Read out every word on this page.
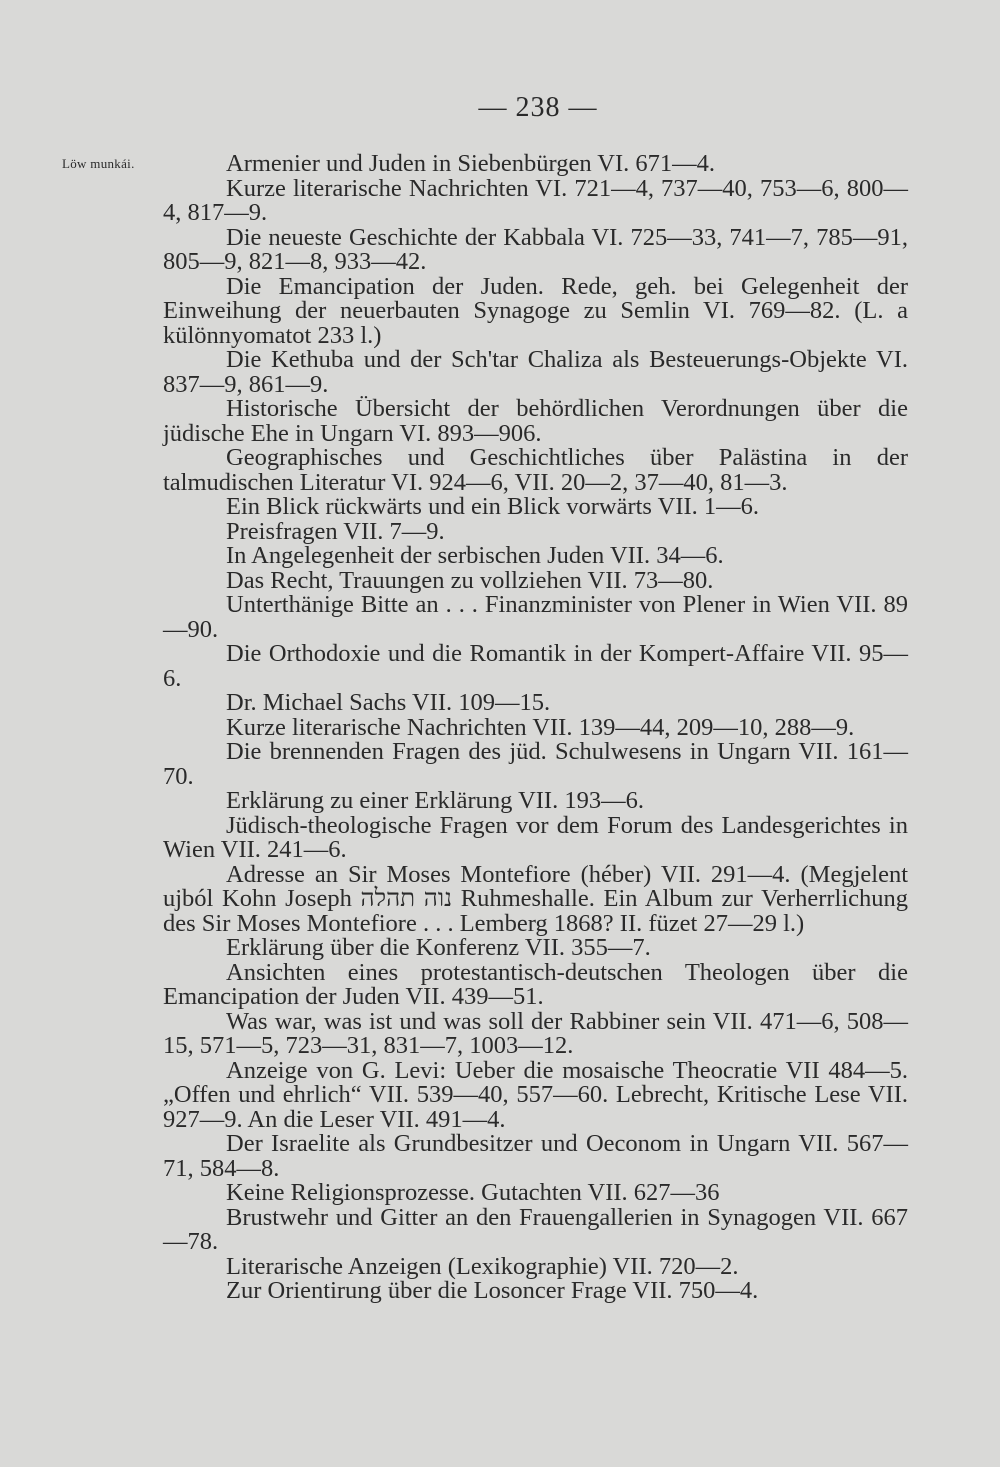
— 238 —
Löw munkái.	Armenier und Juden in Siebenbürgen VI. 671—4.

Kurze literarische Nachrichten VI. 721—4, 737—40, 753—6, 800—4, 817—9.

Die neueste Geschichte der Kabbala VI. 725—33, 741—7, 785—91, 805—9, 821—8, 933—42.

Die Emancipation der Juden. Rede, geh. bei Gelegenheit der Einweihung der neuerbauten Synagoge zu Semlin VI. 769—82. (L. a különnyomatot 233 l.)

Die Kethuba und der Sch'tar Chaliza als Besteuerungs-Objekte VI. 837—9, 861—9.

Historische Übersicht der behördlichen Verordnungen über die jüdische Ehe in Ungarn VI. 893—906.

Geographisches und Geschichtliches über Palästina in der talmudischen Literatur VI. 924—6, VII. 20—2, 37—40, 81—3.

Ein Blick rückwärts und ein Blick vorwärts VII. 1—6.

Preisfragen VII. 7—9.

In Angelegenheit der serbischen Juden VII. 34—6.

Das Recht, Trauungen zu vollziehen VII. 73—80.

Unterthänige Bitte an . . . Finanzminister von Plener in Wien VII. 89—90.

Die Orthodoxie und die Romantik in der Kompert-Affaire VII. 95—6.

Dr. Michael Sachs VII. 109—15.

Kurze literarische Nachrichten VII. 139—44, 209—10, 288—9.

Die brennenden Fragen des jüd. Schulwesens in Ungarn VII. 161—70.

Erklärung zu einer Erklärung VII. 193—6.

Jüdisch-theologische Fragen vor dem Forum des Landesgerichtes in Wien VII. 241—6.

Adresse an Sir Moses Montefiore (héber) VII. 291—4. (Megjelent ujból Kohn Joseph נוה תהלה Ruhmeshalle. Ein Album zur Verherrlichung des Sir Moses Montefiore . . . Lemberg 1868? II. füzet 27—29 l.)

Erklärung über die Konferenz VII. 355—7.

Ansichten eines protestantisch-deutschen Theologen über die Emancipation der Juden VII. 439—51.

Was war, was ist und was soll der Rabbiner sein VII. 471—6, 508—15, 571—5, 723—31, 831—7, 1003—12.

Anzeige von G. Levi: Ueber die mosaische Theocratie VII 484—5. „Offen und ehrlich“ VII. 539—40, 557—60. Lebrecht, Kritische Lese VII. 927—9. An die Leser VII. 491—4.

Der Israelite als Grundbesitzer und Oeconom in Ungarn VII. 567—71, 584—8.

Keine Religionsprozesse. Gutachten VII. 627—36

Brustwehr und Gitter an den Frauengallerien in Synagogen VII. 667—78.

Literarische Anzeigen (Lexikographie) VII. 720—2.

Zur Orientirung über die Losoncer Frage VII. 750—4.
